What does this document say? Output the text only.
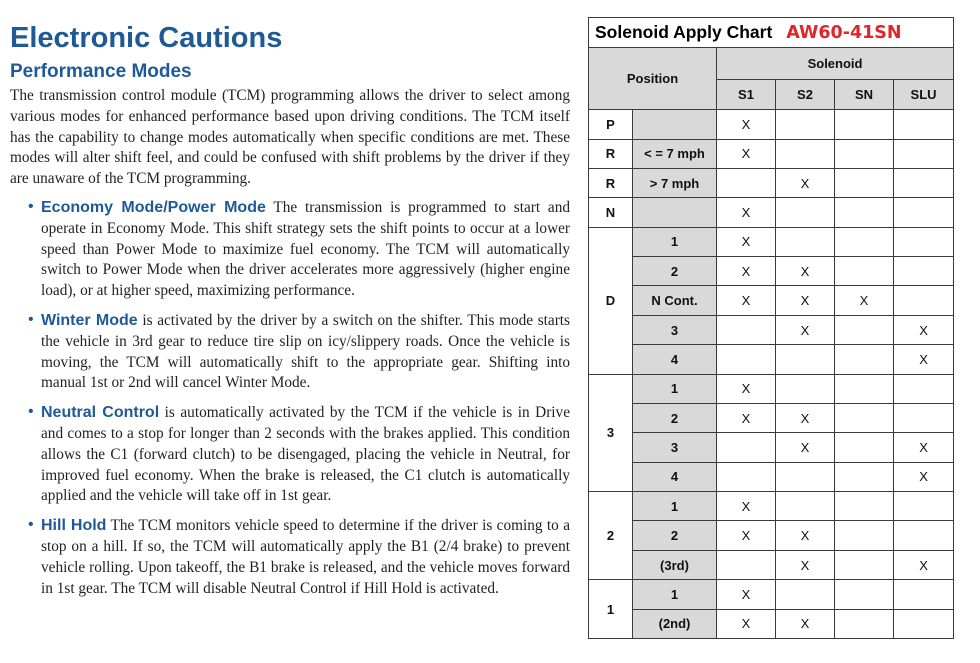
Electronic Cautions
Performance Modes

The transmission control module (TCM) programming allows the driver to select among various modes for enhanced performance based upon driving conditions. The TCM itself has the capability to change modes automatically when specific conditions are met. These modes will alter shift feel, and could be confused with shift problems by the driver if they are unaware of the TCM programming.

• Economy Mode/Power Mode The transmission is programmed to start and operate in Economy Mode. This shift strategy sets the shift points to occur at a lower speed than Power Mode to maximize fuel economy. The TCM will automatically switch to Power Mode when the driver accelerates more aggressively (higher engine load), or at higher speed, maximizing performance.
• Winter Mode is activated by the driver by a switch on the shifter. This mode starts the vehicle in 3rd gear to reduce tire slip on icy/slippery roads. Once the vehicle is moving, the TCM will automatically shift to the appropriate gear. Shifting into manual 1st or 2nd will cancel Winter Mode.
• Neutral Control is automatically activated by the TCM if the vehicle is in Drive and comes to a stop for longer than 2 seconds with the brakes applied. This condition allows the C1 (forward clutch) to be disengaged, placing the vehicle in Neutral, for improved fuel economy. When the brake is released, the C1 clutch is automatically applied and the vehicle will take off in 1st gear.
• Hill Hold The TCM monitors vehicle speed to determine if the driver is coming to a stop on a hill. If so, the TCM will automatically apply the B1 (2/4 brake) to prevent vehicle rolling. Upon takeoff, the B1 brake is released, and the vehicle moves forward in 1st gear. The TCM will disable Neutral Control if Hill Hold is activated.
Solenoid Apply Chart AW60-41SN					
Position		Solenoid			
		S1	S2	SN	SLU
P		X			
R	< = 7 mph	X			
R	> 7 mph		X		
N		X			
D	1	X			
	2	X	X		
	N Cont.	X	X	X	
	3		X		X
	4				X
3	1	X			
	2	X	X		
	3		X		X
	4				X
2	1	X			
	2	X	X		
	(3rd)		X		X
1	1	X			
	(2nd)	X	X		
